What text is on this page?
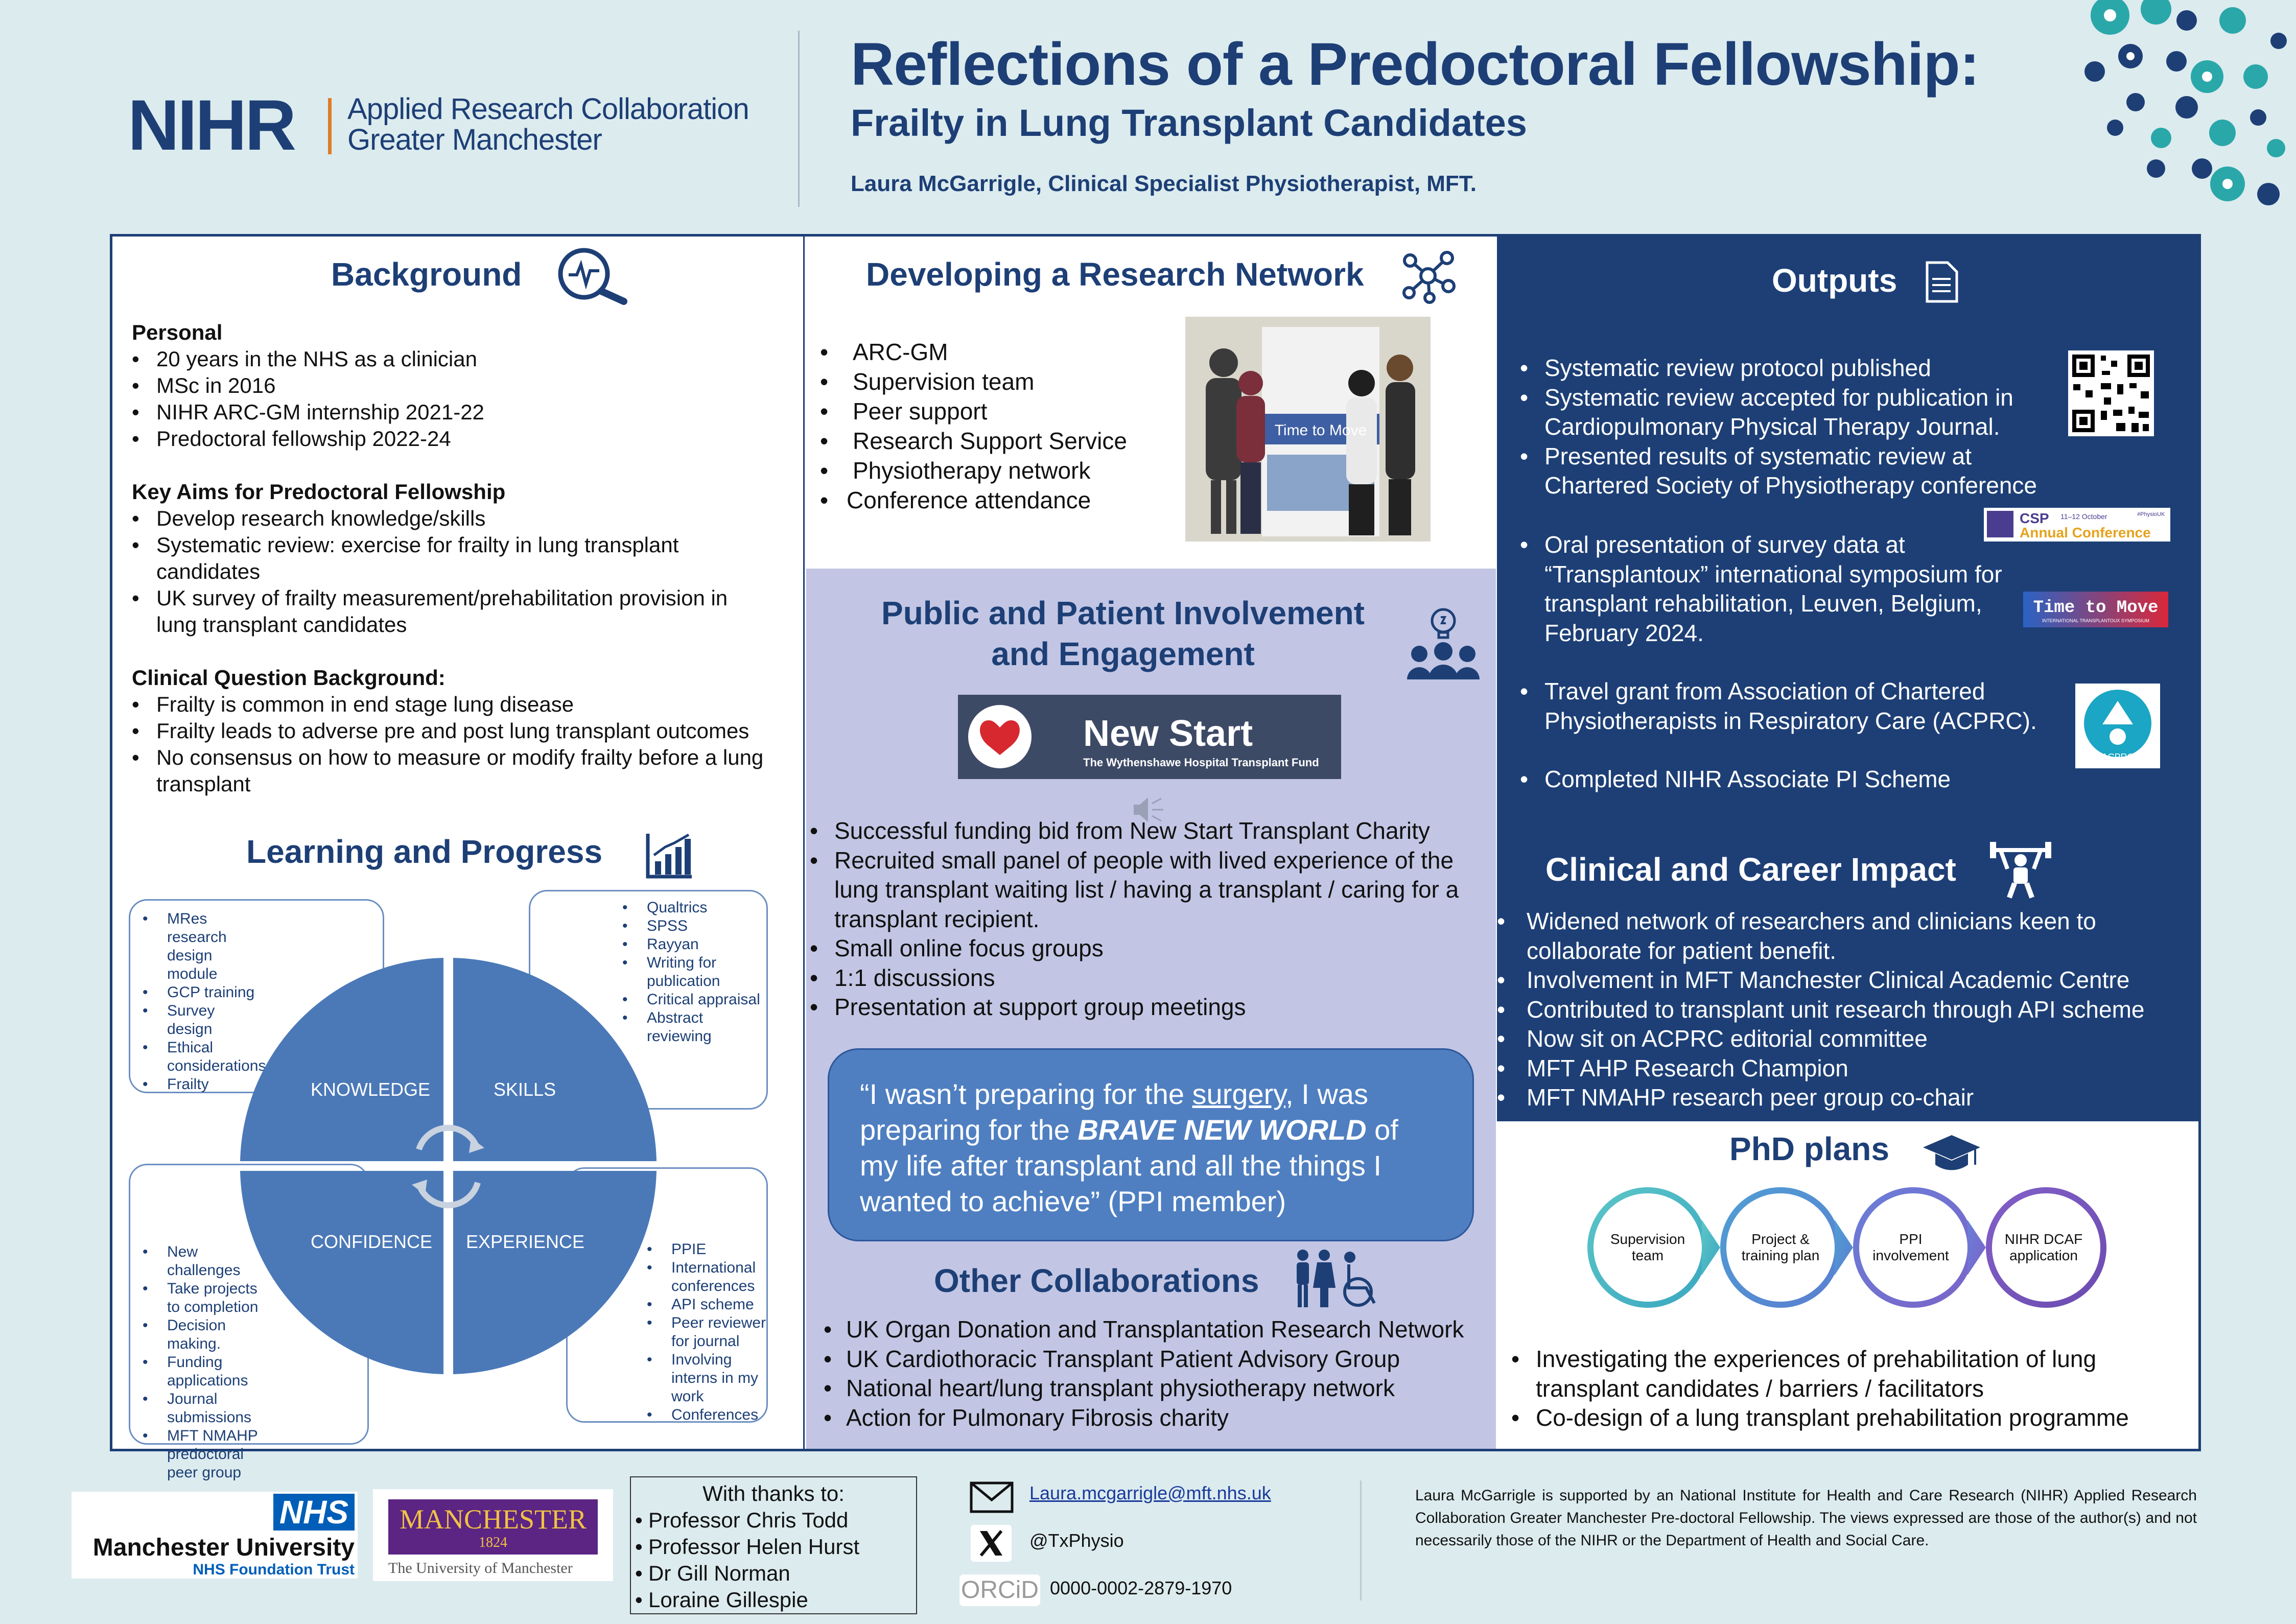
NIHR Applied Research Collaboration
Greater Manchester
Reflections of a Predoctoral Fellowship:
Frailty in Lung Transplant Candidates
Laura McGarrigle, Clinical Specialist Physiotherapist, MFT.
Background
Personal
• 20 years in the NHS as a clinician
• MSc in 2016
• NIHR ARC-GM internship 2021-22
• Predoctoral fellowship 2022-24
Key Aims for Predoctoral Fellowship
• Develop research knowledge/skills
• Systematic review: exercise for frailty in lung transplant candidates
• UK survey of frailty measurement/prehabilitation provision in lung transplant candidates
Clinical Question Background:
• Frailty is common in end stage lung disease
• Frailty leads to adverse pre and post lung transplant outcomes
• No consensus on how to measure or modify frailty before a lung transplant
Learning and Progress
• MRes research design module
• GCP training
• Survey design
• Ethical considerations
• Frailty
• Qualtrics
• SPSS
• Rayyan
• Writing for publication
• Critical appraisal
• Abstract reviewing
• New challenges
• Take projects to completion
• Decision making.
• Funding applications
• Journal submissions
• MFT NMAHP predoctoral peer group
• PPIE
• International conferences
• API scheme
• Peer reviewer for journal
• Involving interns in my work
• Conferences
KNOWLEDGE	SKILLS
CONFIDENCE EXPERIENCE
Developing a Research Network
• ARC-GM
• Supervision team
• Peer support
• Research Support Service
• Physiotherapy network
• Conference attendance
Time to Move
Public and Patient Involvement
and Engagement
New Start
The Wythenshawe Hospital Transplant Fund
• Successful funding bid from New Start Transplant Charity
• Recruited small panel of people with lived experience of the lung transplant waiting list / having a transplant / caring for a transplant recipient.
• Small online focus groups
• 1:1 discussions
• Presentation at support group meetings
“I wasn’t preparing for the surgery, I was preparing for the BRAVE NEW WORLD of my life after transplant and all the things I wanted to achieve” (PPI member)
Other Collaborations
• UK Organ Donation and Transplantation Research Network
• UK Cardiothoracic Transplant Patient Advisory Group
• National heart/lung transplant physiotherapy network
• Action for Pulmonary Fibrosis charity
Outputs
• Systematic review protocol published
• Systematic review accepted for publication in Cardiopulmonary Physical Therapy Journal.
• Presented results of systematic review at Chartered Society of Physiotherapy conference
• Oral presentation of survey data at “Transplantoux” international symposium for transplant rehabilitation, Leuven, Belgium, February 2024.
• Travel grant from Association of Chartered Physiotherapists in Respiratory Care (ACPRC).
• Completed NIHR Associate PI Scheme
CSP
Annual Conference
11–12 October	#PhysioUK
Time to Move
INTERNATIONAL TRANSPLANTOUX SYMPOSIUM
ACPRC
Clinical and Career Impact
• Widened network of researchers and clinicians keen to collaborate for patient benefit.
• Involvement in MFT Manchester Clinical Academic Centre
• Contributed to transplant unit research through API scheme
• Now sit on ACPRC editorial committee
• MFT AHP Research Champion
• MFT NMAHP research peer group co-chair
PhD plans
Supervision team
Project & training plan
PPI involvement
NIHR DCAF application
• Investigating the experiences of prehabilitation of lung transplant candidates / barriers / facilitators
• Co-design of a lung transplant prehabilitation programme
NHS
Manchester University
NHS Foundation Trust
MANCHESTER
1824
The University of Manchester
With thanks to:
• Professor Chris Todd
• Professor Helen Hurst
• Dr Gill Norman
• Loraine Gillespie
Laura.mcgarrigle@mft.nhs.uk
@TxPhysio
ORCiD 0000-0002-2879-1970
Laura McGarrigle is supported by an National Institute for Health and Care Research (NIHR) Applied Research Collaboration Greater Manchester Pre-doctoral Fellowship. The views expressed are those of the author(s) and not necessarily those of the NIHR or the Department of Health and Social Care.
